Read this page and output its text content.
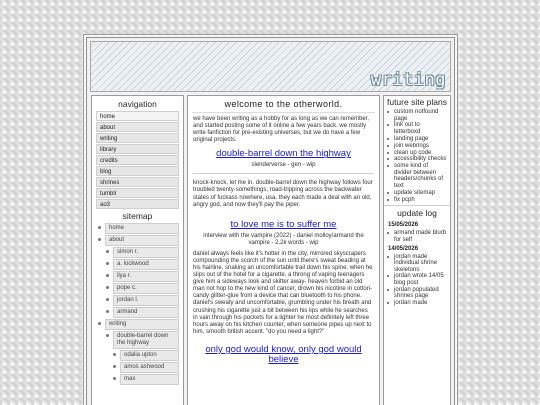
writing
navigation
home
about
writing
library
credits
blog
shrines
tumblr
ao3
sitemap
home
about
simon r.
a. lockwood
ilya r.
pope c.
jordan l.
armand
writing
double-barrel down the highway
odalia upton
amos ashwood
max
welcome to the otherworld.
we have been writing as a hobby for as long as we can remember, and started posting some of it online a few years back. we mostly write fanfiction for pre-existing universes, but we do have a few original projects.
double-barrel down the highway
slenderverse - gen - wip
knock-knock, let me in. double-barrel down the highway follows four troubled twenty-somethings, road-tripping across the backwater states of fuckass nowhere, usa. they each made a deal with an old, angry god, and now they'll pay the piper.
to love me is to suffer me
interview with the vampire (2022) - daniel molloy/armand the vampire - 2.2k words - wip
daniel always feels like it's hotter in the city, mirrored skyscrapers compounding the scorch of the sun until there's sweat beading at his hairline, snaking an uncomfortable trail down his spine. when he slips out of the hotel for a cigarette, a throng of vaping teenagers give him a sideways look and skitter away- heaven forbid an old man not hop to the new kind of cancer, drown his nicotine in cotton-candy glitter-glue from a device that can bluetooth to his phone. daniel's sweaty and uncomfortable, grumbling under his breath and crushing his cigarette just a bit between his lips while he searches in vain through his pockets for a lighter he most definitely left three hours away on his kitchen counter, when someone pipes up next to him, smooth british accent. "do you need a light?"
only god would know, only god would believe
future site plans
custom notfound page
link out to letterboxd
landing page
join webrings
clean up code
accessibility checks
some kind of divider between headers/chunks of text
update sitemap
fix pcph
update log
15/05/2026
armand made blurb for self
14/05/2026
jordan made individual shrine skeletons
jordan wrote 14/05 blog post
jordan populated shrines page
jordan made
